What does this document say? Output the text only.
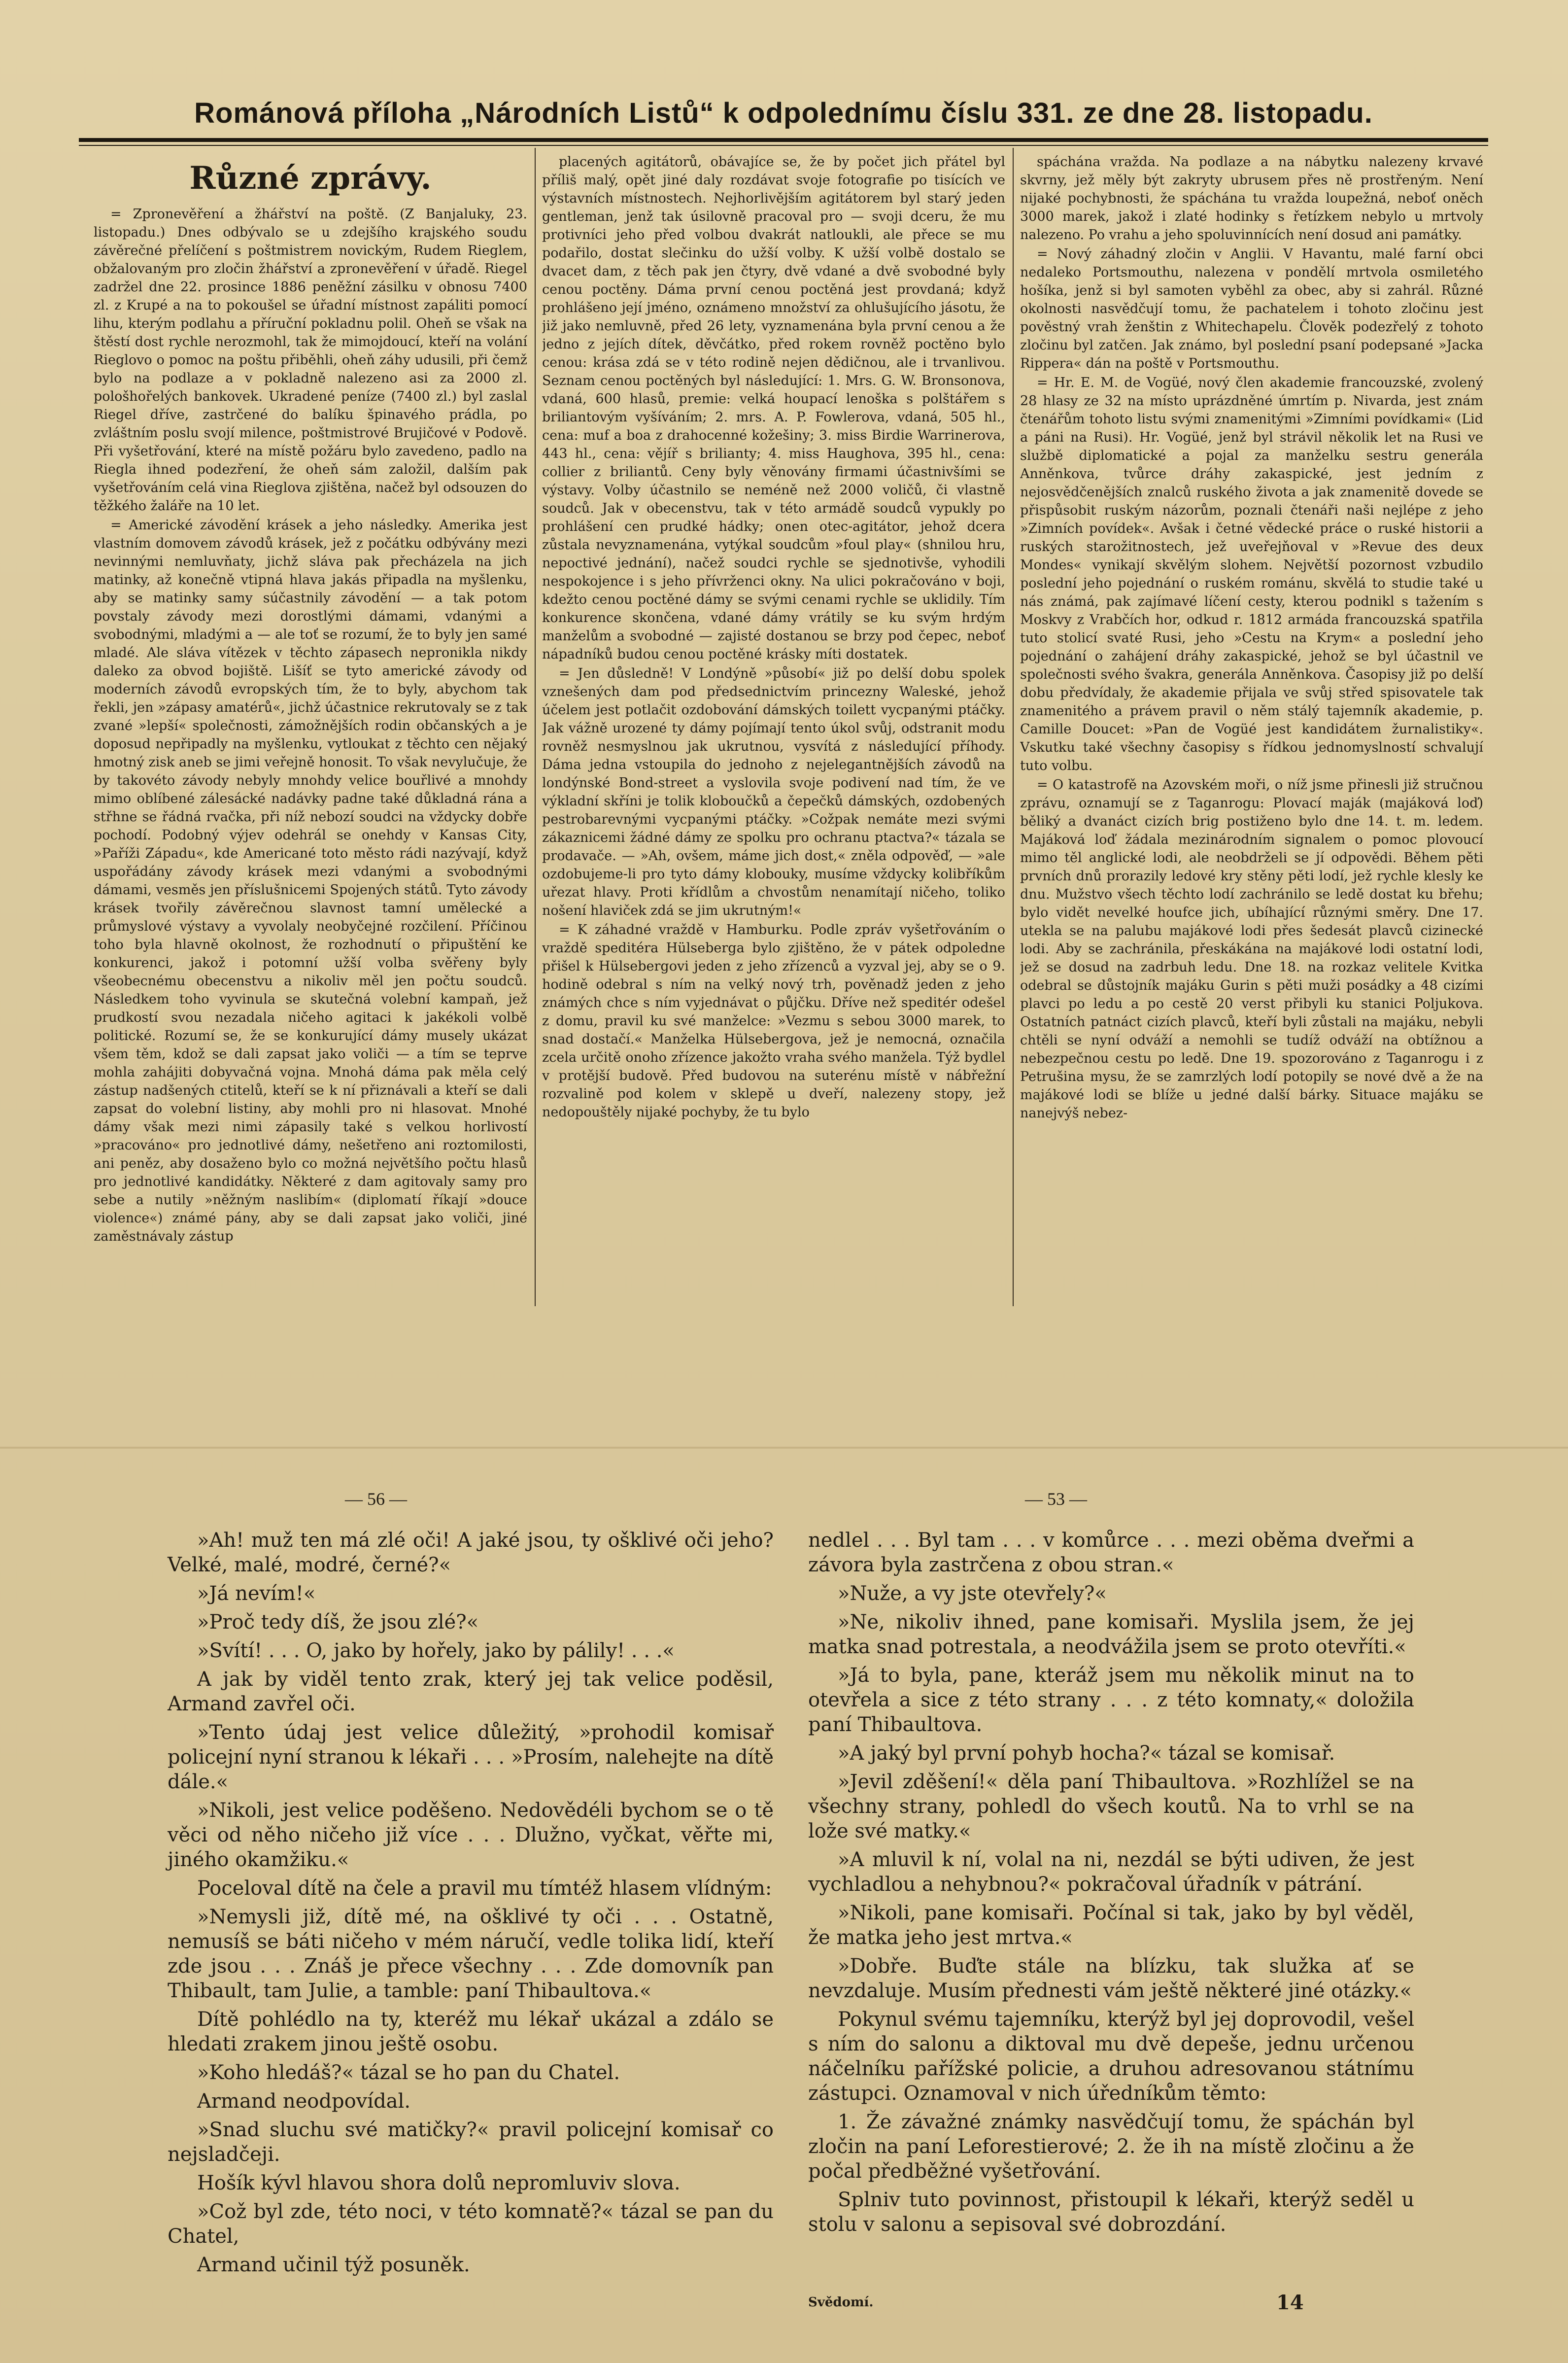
Románová příloha „Národních Listů“ k odpolednímu číslu 331. ze dne 28. listopadu.
Různé zprávy.

= Zpronevěření a žhářství na poště. (Z Banjaluky, 23. listopadu.) Dnes odbývalo se u zdejšího krajského soudu závěrečné přelíčení s poštmistrem novickým, Rudem Rieglem, obžalovaným pro zločin žhářství a zpronevěření v úřadě. Riegel zadržel dne 22. prosince 1886 peněžní zásilku v obnosu 7400 zl. z Krupé a na to pokoušel se úřadní místnost zapáliti pomocí lihu, kterým podlahu a příruční pokladnu polil. Oheň se však na štěstí dost rychle nerozmohl, tak že mimojdoucí, kteří na volání Rieglovo o pomoc na poštu přiběhli, oheň záhy udusili, při čemž bylo na podlaze a v pokladně nalezeno asi za 2000 zl. pološhořelých bankovek. Ukradené peníze (7400 zl.) byl zaslal Riegel dříve, zastrčené do balíku špinavého prádla, po zvláštním poslu svojí milence, poštmistrové Brujičové v Podově. Při vyšetřování, které na místě požáru bylo zavedeno, padlo na Riegla ihned podezření, že oheň sám založil, dalším pak vyšetřováním celá vina Rieglova zjištěna, načež byl odsouzen do těžkého žaláře na 10 let.

= Americké závodění krásek a jeho následky. Amerika jest vlastním domovem závodů krásek, jež z počátku odbývány mezi nevinnými nemluvňaty, jichž sláva pak přecházela na jich matinky, až konečně vtipná hlava jakás připadla na myšlenku, aby se matinky samy súčastnily závodění — a tak potom povstaly závody mezi dorostlými dámami, vdanými a svobodnými, mladými a — ale toť se rozumí, že to byly jen samé mladé. Ale sláva vítězek v těchto zápasech nepronikla nikdy daleko za obvod bojiště. Lišíť se tyto americké závody od moderních závodů evropských tím, že to byly, abychom tak řekli, jen »zápasy amatérů«, jichž účastnice rekrutovaly se z tak zvané »lepší« společnosti, zámožnějších rodin občanských a je doposud nepřipadly na myšlenku, vytloukat z těchto cen nějaký hmotný zisk aneb se jimi veřejně honosit. To však nevylučuje, že by takovéto závody nebyly mnohdy velice bouřlivé a mnohdy mimo oblíbené zálesácké nadávky padne také důkladná rána a střhne se řádná rvačka, při níž nebozí soudci na vždycky dobře pochodí. Podobný výjev odehrál se onehdy v Kansas City, »Paříži Západu«, kde Americané toto město rádi nazývají, když uspořádány závody krásek mezi vdanými a svobodnými dámami, vesměs jen příslušnicemi Spojených států. Tyto závody krásek tvořily závěrečnou slavnost tamní umělecké a průmyslové výstavy a vyvolaly neobyčejné rozčilení. Příčinou toho byla hlavně okolnost, že rozhodnutí o připuštění ke konkurenci, jakož i potomní užší volba svěřeny byly všeobecnému obecenstvu a nikoliv měl jen počtu soudců. Následkem toho vyvinula se skutečná volební kampaň, jež prudkostí svou nezadala ničeho agitaci k jakékoli volbě politické. Rozumí se, že se konkurující dámy musely ukázat všem těm, kdož se dali zapsat jako voliči — a tím se teprve mohla zahájiti dobyvačná vojna. Mnohá dáma pak měla celý zástup nadšených ctitelů, kteří se k ní přiznávali a kteří se dali zapsat do volební listiny, aby mohli pro ni hlasovat. Mnohé dámy však mezi nimi zápasily také s velkou horlivostí »pracováno« pro jednotlivé dámy, nešetřeno ani roztomilosti, ani peněz, aby dosaženo bylo co možná největšího počtu hlasů pro jednotlivé kandidátky. Některé z dam agitovaly samy pro sebe a nutily »něžným naslibím« (diplomatí říkají »douce violence«) známé pány, aby se dali zapsat jako voliči, jiné zaměstnávaly zástup

placených agitátorů, obávajíce se, že by počet jich přátel byl příliš malý, opět jiné daly rozdávat svoje fotografie po tisících ve výstavních místnostech. Nejhorlivějším agitátorem byl starý jeden gentleman, jenž tak úsilovně pracoval pro — svoji dceru, že mu protivníci jeho před volbou dvakrát natloukli, ale přece se mu podařilo, dostat slečinku do užší volby. K užší volbě dostalo se dvacet dam, z těch pak jen čtyry, dvě vdané a dvě svobodné byly cenou poctěny. Dáma první cenou poctěná jest provdaná; když prohlášeno její jméno, oznámeno množství za ohlušujícího jásotu, že již jako nemluvně, před 26 lety, vyznamenána byla první cenou a že jedno z jejích dítek, děvčátko, před rokem rovněž poctěno bylo cenou: krása zdá se v této rodině nejen dědičnou, ale i trvanlivou. Seznam cenou poctěných byl následující: 1. Mrs. G. W. Bronsonova, vdaná, 600 hlasů, premie: velká houpací lenoška s polštářem s briliantovým vyšíváním; 2. mrs. A. P. Fowlerova, vdaná, 505 hl., cena: muf a boa z drahocenné kožešiny; 3. miss Birdie Warrinerova, 443 hl., cena: vějíř s brilianty; 4. miss Haughova, 395 hl., cena: collier z briliantů. Ceny byly věnovány firmami účastnivšími se výstavy. Volby účastnilo se neméně než 2000 voličů, či vlastně soudců. Jak v obecenstvu, tak v této armádě soudců vypukly po prohlášení cen prudké hádky; onen otec-agitátor, jehož dcera zůstala nevyznamenána, vytýkal soudcům »foul play« (shnilou hru, nepoctivé jednání), načež soudci rychle se sjednotivše, vyhodili nespokojence i s jeho přívrženci okny. Na ulici pokračováno v boji, kdežto cenou poctěné dámy se svými cenami rychle se uklidily. Tím konkurence skončena, vdané dámy vrátily se ku svým hrdým manželům a svobodné — zajisté dostanou se brzy pod čepec, neboť nápadníků budou cenou poctěné krásky míti dostatek.

= Jen důsledně! V Londýně »působí« již po delší dobu spolek vznešených dam pod předsednictvím princezny Waleské, jehož účelem jest potlačit ozdobování dámských toilett vycpanými ptáčky. Jak vážně urozené ty dámy pojímají tento úkol svůj, odstranit modu rovněž nesmyslnou jak ukrutnou, vysvítá z následující příhody. Dáma jedna vstoupila do jednoho z nejelegantnějších závodů na londýnské Bond-street a vyslovila svoje podivení nad tím, že ve výkladní skříni je tolik kloboučků a čepečků dámských, ozdobených pestrobarevnými vycpanými ptáčky. »Cožpak nemáte mezi svými zákaznicemi žádné dámy ze spolku pro ochranu ptactva?« tázala se prodavače. — »Ah, ovšem, máme jich dost,« zněla odpověď, — »ale ozdobujeme-li pro tyto dámy klobouky, musíme vždycky kolibříkům uřezat hlavy. Proti křídlům a chvostům nenamítají ničeho, toliko nošení hlaviček zdá se jim ukrutným!«

= K záhadné vraždě v Hamburku. Podle zpráv vyšetřováním o vraždě speditéra Hülsebergа bylo zjištěno, že v pátek odpoledne přišel k Hülsebergovi jeden z jeho zřízenců a vyzval jej, aby se o 9. hodině odebral s ním na velký nový trh, pověnadž jeden z jeho známých chce s ním vyjednávat o půjčku. Dříve než speditér odešel z domu, pravil ku své manželce: »Vezmu s sebou 3000 marek, to snad dostačí.« Manželka Hülsebergova, jež je nemocná, označila zcela určitě onoho zřízence jakožto vraha svého manžela. Týž bydlel v protější budově. Před budovou na suterénu místě v nábřežní rozvalině pod kolem v sklepě u dveří, nalezeny stopy, jež nedopouštěly nijaké pochyby, že tu bylo

spáchána vražda. Na podlaze a na nábytku nalezeny krvavé skvrny, jež měly být zakryty ubrusem přes ně prostřeným. Není nijaké pochybnosti, že spáchána tu vražda loupežná, neboť oněch 3000 marek, jakož i zlaté hodinky s řetízkem nebylo u mrtvoly nalezeno. Po vrahu a jeho spoluvinnících není dosud ani památky.

= Nový záhadný zločin v Anglii. V Havantu, malé farní obci nedaleko Portsmouthu, nalezena v pondělí mrtvola osmiletého hošíka, jenž si byl samoten vyběhl za obec, aby si zahrál. Různé okolnosti nasvědčují tomu, že pachatelem i tohoto zločinu jest pověstný vrah ženštin z Whitechapelu. Člověk podezřelý z tohoto zločinu byl zatčen. Jak známo, byl poslední psaní podepsané »Jacka Rippera« dán na poště v Portsmouthu.

= Hr. E. M. de Vogüé, nový člen akademie francouzské, zvolený 28 hlasy ze 32 na místo uprázdněné úmrtím p. Nivarda, jest znám čtenářům tohoto listu svými znamenitými »Zimními povídkami« (Lid a páni na Rusi). Hr. Vogüé, jenž byl strávil několik let na Rusi ve službě diplomatické a pojal za manželku sestru generála Anněnkova, tvůrce dráhy zakaspické, jest jedním z nejosvědčenějších znalců ruského života a jak znamenitě dovede se přispůsobit ruským názorům, poznali čtenáři naši nejlépe z jeho »Zimních povídek«. Avšak i četné vědecké práce o ruské historii a ruských starožitnostech, jež uveřejňoval v »Revue des deux Mondes« vynikají skvělým slohem. Největší pozornost vzbudilo poslední jeho pojednání o ruském románu, skvělá to studie také u nás známá, pak zajímavé líčení cesty, kterou podnikl s tažením s Moskvy z Vrabčích hor, odkud r. 1812 armáda francouzská spatřila tuto stolicí svaté Rusi, jeho »Cestu na Krym« a poslední jeho pojednání o zahájení dráhy zakaspické, jehož se byl účastnil ve společnosti svého švakra, generála Anněnkova. Časopisy již po delší dobu předvídaly, že akademie přijala ve svůj střed spisovatele tak znamenitého a právem pravil o něm stálý tajemník akademie, p. Camille Doucet: »Pan de Vogüé jest kandidátem žurnalistiky«. Vskutku také všechny časopisy s řídkou jednomyslností schvalují tuto volbu.

= O katastrofě na Azovském moři, o níž jsme přinesli již stručnou zprávu, oznamují se z Taganrogu: Plovací maják (majáková loď) běliký a dvanáct cizích brig postiženo bylo dne 14. t. m. ledem. Majáková loď žádala mezinárodním signalem o pomoc plovoucí mimo těl anglické lodi, ale neobdrželi se jí odpovědi. Během pěti prvních dnů prorazily ledové kry stěny pěti lodí, jež rychle klesly ke dnu. Mužstvo všech těchto lodí zachránilo se ledě dostat ku břehu; bylo vidět nevelké houfce jich, ubíhající různými směry. Dne 17. utekla se na palubu majákové lodi přes šedesát plavců cizinecké lodi. Aby se zachránila, přeskákána na majákové lodi ostatní lodi, jež se dosud na zadrbuh ledu. Dne 18. na rozkaz velitele Kvitka odebral se důstojník majáku Gurin s pěti muži posádky a 48 cizími plavci po ledu a po cestě 20 verst přibyli ku stanici Poljukova. Ostatních patnáct cizích plavců, kteří byli zůstali na majáku, nebyli chtěli se nyní odváží a nemohli se tudíž odváží na obtížnou a nebezpečnou cestu po ledě. Dne 19. spozorováno z Taganrogu i z Petrušina mysu, že se zamrzlých lodí potopily se nové dvě a že na majákové lodi se blíže u jedné další bárky. Situace majáku se nanejvýš nebez-

— 56 —	— 53 —

»Ah! muž ten má zlé oči! A jaké jsou, ty ošklivé oči jeho? Velké, malé, modré, černé?«

»Já nevím!«

»Proč tedy díš, že jsou zlé?«

»Svítí! . . . O, jako by hořely, jako by pálily! . . .«

A jak by viděl tento zrak, který jej tak velice poděsil, Armand zavřel oči.

»Tento údaj jest velice důležitý, »prohodil komisař policejní nyní stranou k lékaři . . . »Prosím, nalehejte na dítě dále.«

»Nikoli, jest velice poděšeno. Nedovědéli bychom se o tě věci od něho ničeho již více . . . Dlužno, vyčkat, věřte mi, jiného okamžiku.«

Poceloval dítě na čele a pravil mu tímtéž hlasem vlídným:

»Nemysli již, dítě mé, na ošklivé ty oči . . . Ostatně, nemusíš se báti ničeho v mém náručí, vedle tolika lidí, kteří zde jsou . . . Znáš je přece všechny . . . Zde domovník pan Thibault, tam Julie, a tamble: paní Thibaultova.«

Dítě pohlédlo na ty, kteréž mu lékař ukázal a zdálo se hledati zrakem jinou ještě osobu.

»Koho hledáš?« tázal se ho pan du Chatel.

Armand neodpovídal.

»Snad sluchu své matičky?« pravil policejní komisař co nejsladčeji.

Hošík kývl hlavou shora dolů nepromluviv slova.

»Což byl zde, této noci, v této komnatě?« tázal se pan du Chatel,

Armand učinil týž posuněk.

nedlel . . . Byl tam . . . v komůrce . . . mezi oběma dveřmi a závora byla zastrčena z obou stran.«

»Nuže, a vy jste otevřely?«

»Ne, nikoliv ihned, pane komisaři. Myslila jsem, že jej matka snad potrestala, a neodvážila jsem se proto otevříti.«

»Já to byla, pane, kteráž jsem mu několik minut na to otevřela a sice z této strany . . . z této komnaty,« doložila paní Thibaultova.

»A jaký byl první pohyb hocha?« tázal se komisař.

»Jevil zděšení!« děla paní Thibaultova. »Rozhlížel se na všechny strany, pohledl do všech koutů. Na to vrhl se na lože své matky.«

»A mluvil k ní, volal na ni, nezdál se býti udiven, že jest vychladlou a nehybnou?« pokračoval úřadník v pátrání.

»Nikoli, pane komisaři. Počínal si tak, jako by byl věděl, že matka jeho jest mrtva.«

»Dobře. Buďte stále na blízku, tak služka ať se nevzdaluje. Musím přednesti vám ještě některé jiné otázky.«

Pokynul svému tajemníku, kterýž byl jej doprovodil, vešel s ním do salonu a diktoval mu dvě depeše, jednu určenou náčelníku pařížské policie, a druhou adresovanou státnímu zástupci. Oznamoval v nich úředníkům těmto:

1. Že závažné známky nasvědčují tomu, že spáchán byl zločin na paní Leforestierové; 2. že ih na místě zločinu a že počal předběžné vyšetřování.

Splniv tuto povinnost, přistoupil k lékaři, kterýž seděl u stolu v salonu a sepisoval své dobrozdání.

Svědomí.	14
